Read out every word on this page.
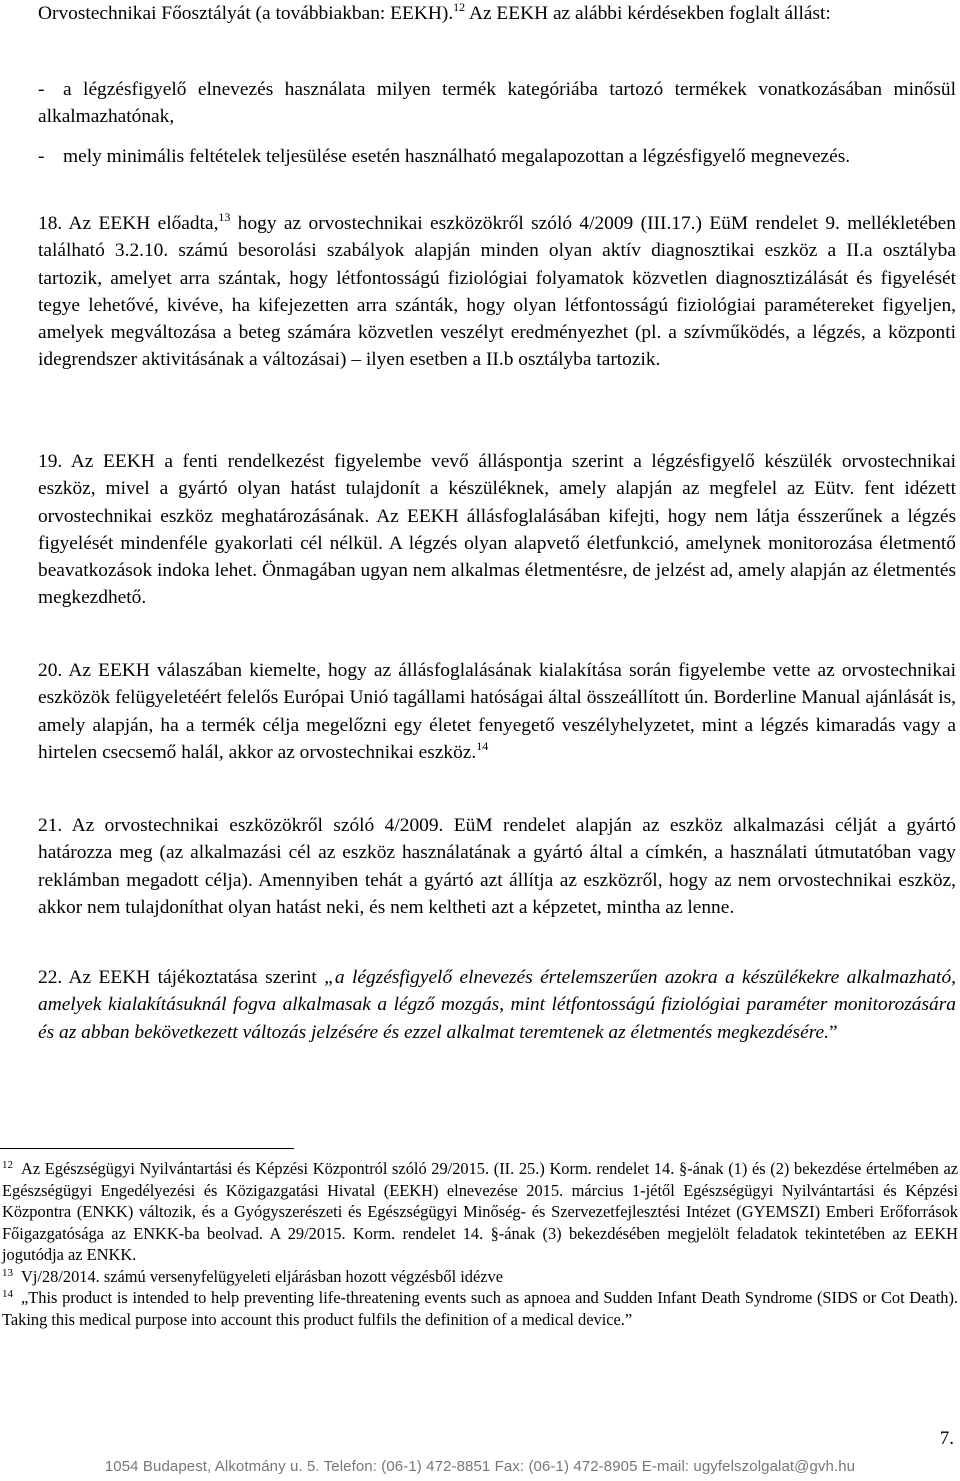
Orvostechnikai Főosztályát (a továbbiakban: EEKH).$^{12}$ Az EEKH az alábbi kérdésekben foglalt állást:

- a légzésfigyelő elnevezés használata milyen termék kategóriába tartozó termékek vonatkozásában minősül alkalmazhatónak,

- mely minimális feltételek teljesülése esetén használható megalapozottan a légzésfigyelő megnevezés.

18. Az EEKH előadta,$^{13}$ hogy az orvostechnikai eszközökről szóló 4/2009 (III.17.) EüM rendelet 9. mellékletében található 3.2.10. számú besorolási szabályok alapján minden olyan aktív diagnosztikai eszköz a II.a osztályba tartozik, amelyet arra szántak, hogy létfontosságú fiziológiai folyamatok közvetlen diagnosztizálását és figyelését tegye lehetővé, kivéve, ha kifejezetten arra szánták, hogy olyan létfontosságú fiziológiai paramétereket figyeljen, amelyek megváltozása a beteg számára közvetlen veszélyt eredményezhet (pl. a szívműködés, a légzés, a központi idegrendszer aktivitásának a változásai) – ilyen esetben a II.b osztályba tartozik.

19. Az EEKH a fenti rendelkezést figyelembe vevő álláspontja szerint a légzésfigyelő készülék orvostechnikai eszköz, mivel a gyártó olyan hatást tulajdonít a készüléknek, amely alapján az megfelel az Eütv. fent idézett orvostechnikai eszköz meghatározásának. Az EEKH állásfoglalásában kifejti, hogy nem látja ésszerűnek a légzés figyelését mindenféle gyakorlati cél nélkül. A légzés olyan alapvető életfunkció, amelynek monitorozása életmentő beavatkozások indoka lehet. Önmagában ugyan nem alkalmas életmentésre, de jelzést ad, amely alapján az életmentés megkezdhető.

20. Az EEKH válaszában kiemelte, hogy az állásfoglalásának kialakítása során figyelembe vette az orvostechnikai eszközök felügyeletéért felelős Európai Unió tagállami hatóságai által összeállított ún. Borderline Manual ajánlását is, amely alapján, ha a termék célja megelőzni egy életet fenyegető veszélyhelyzetet, mint a légzés kimaradás vagy a hirtelen csecsemő halál, akkor az orvostechnikai eszköz.$^{14}$

21. Az orvostechnikai eszközökről szóló 4/2009. EüM rendelet alapján az eszköz alkalmazási célját a gyártó határozza meg (az alkalmazási cél az eszköz használatának a gyártó által a címkén, a használati útmutatóban vagy reklámban megadott célja). Amennyiben tehát a gyártó azt állítja az eszközről, hogy az nem orvostechnikai eszköz, akkor nem tulajdoníthat olyan hatást neki, és nem keltheti azt a képzetet, mintha az lenne.

22. Az EEKH tájékoztatása szerint „a légzésfigyelő elnevezés értelemszerűen azokra a készülékekre alkalmazható, amelyek kialakításuknál fogva alkalmasak a légző mozgás, mint létfontosságú fiziológiai paraméter monitorozására és az abban bekövetkezett változás jelzésére és ezzel alkalmat teremtenek az életmentés megkezdésére.”

$^{12}$ Az Egészségügyi Nyilvántartási és Képzési Központról szóló 29/2015. (II. 25.) Korm. rendelet 14. §-ának (1) és (2) bekezdése értelmében az Egészségügyi Engedélyezési és Közigazgatási Hivatal (EEKH) elnevezése 2015. március 1-jétől Egészségügyi Nyilvántartási és Képzési Központra (ENKK) változik, és a Gyógyszerészeti és Egészségügyi Minőség- és Szervezetfejlesztési Intézet (GYEMSZI) Emberi Erőforrások Főigazgatósága az ENKK-ba beolvad. A 29/2015. Korm. rendelet 14. §-ának (3) bekezdésében megjelölt feladatok tekintetében az EEKH jogutódja az ENKK.

$^{13}$ Vj/28/2014. számú versenyfelügyeleti eljárásban hozott végzésből idézve

$^{14}$ „This product is intended to help preventing life-threatening events such as apnoea and Sudden Infant Death Syndrome (SIDS or Cot Death). Taking this medical purpose into account this product fulfils the definition of a medical device.”

7.
1054 Budapest, Alkotmány u. 5. Telefon: (06-1) 472-8851 Fax: (06-1) 472-8905 E-mail: ugyfelszolgalat@gvh.hu
